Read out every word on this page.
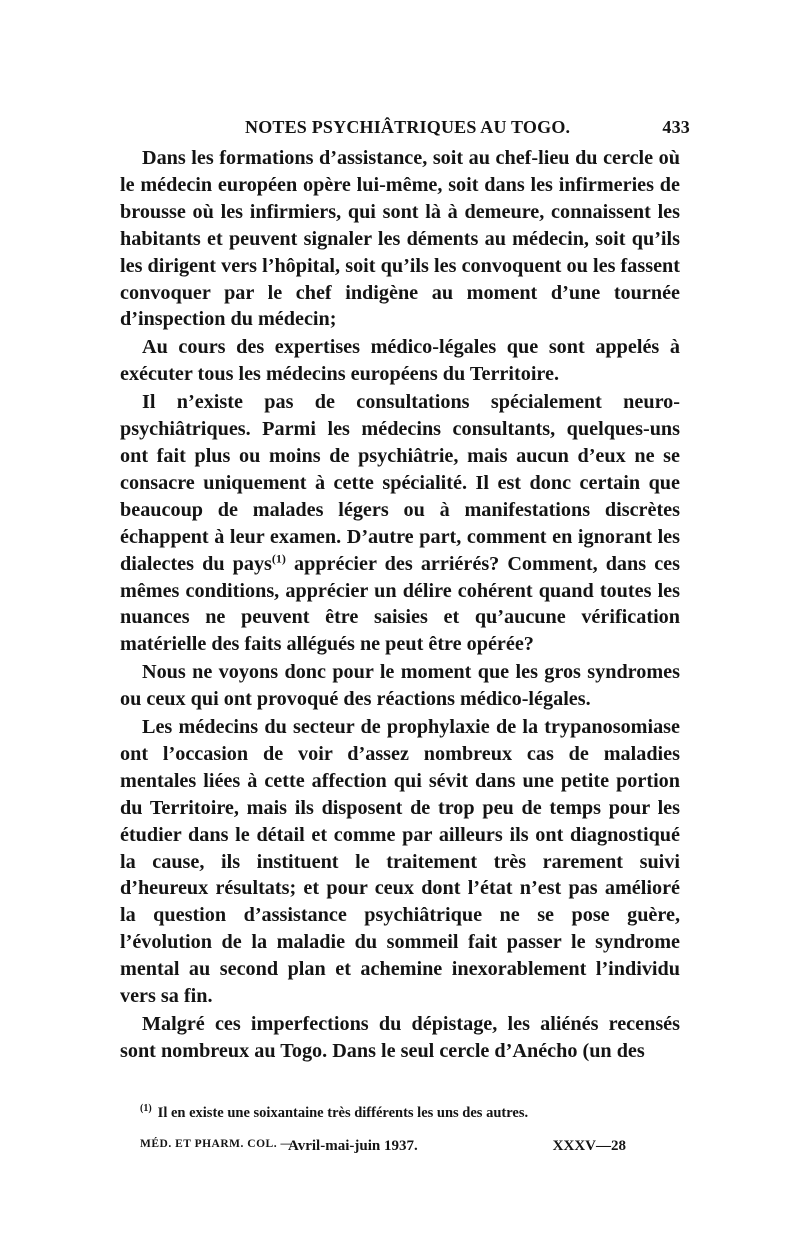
NOTES PSYCHIÂTRIQUES AU TOGO.	433

Dans les formations d’assistance, soit au chef-lieu du cercle où le médecin européen opère lui-même, soit dans les infirmeries de brousse où les infirmiers, qui sont là à demeure, connaissent les habitants et peuvent signaler les déments au médecin, soit qu’ils les dirigent vers l’hôpital, soit qu’ils les convoquent ou les fassent convoquer par le chef indigène au moment d’une tournée d’inspection du médecin;

Au cours des expertises médico-légales que sont appelés à exécuter tous les médecins européens du Territoire.

Il n’existe pas de consultations spécialement neuro-psychiâtriques. Parmi les médecins consultants, quelques-uns ont fait plus ou moins de psychiâtrie, mais aucun d’eux ne se consacre uniquement à cette spécialité. Il est donc certain que beaucoup de malades légers ou à manifestations discrètes échappent à leur examen. D’autre part, comment en ignorant les dialectes du pays$^{(1)}$ apprécier des arriérés? Comment, dans ces mêmes conditions, apprécier un délire cohérent quand toutes les nuances ne peuvent être saisies et qu’aucune vérification matérielle des faits allégués ne peut être opérée?

Nous ne voyons donc pour le moment que les gros syndromes ou ceux qui ont provoqué des réactions médico-légales.

Les médecins du secteur de prophylaxie de la trypanosomiase ont l’occasion de voir d’assez nombreux cas de maladies mentales liées à cette affection qui sévit dans une petite portion du Territoire, mais ils disposent de trop peu de temps pour les étudier dans le détail et comme par ailleurs ils ont diagnostiqué la cause, ils instituent le traitement très rarement suivi d’heureux résultats; et pour ceux dont l’état n’est pas amélioré la question d’assistance psychiâtrique ne se pose guère, l’évolution de la maladie du sommeil fait passer le syndrome mental au second plan et achemine inexorablement l’individu vers sa fin.

Malgré ces imperfections du dépistage, les aliénés recensés sont nombreux au Togo. Dans le seul cercle d’Anécho (un des

$^{(1)}$ Il en existe une soixantaine très différents les uns des autres.
MÉD. ET PHARM. COL. —
Avril-mai-juin 1937.	XXXV—28
